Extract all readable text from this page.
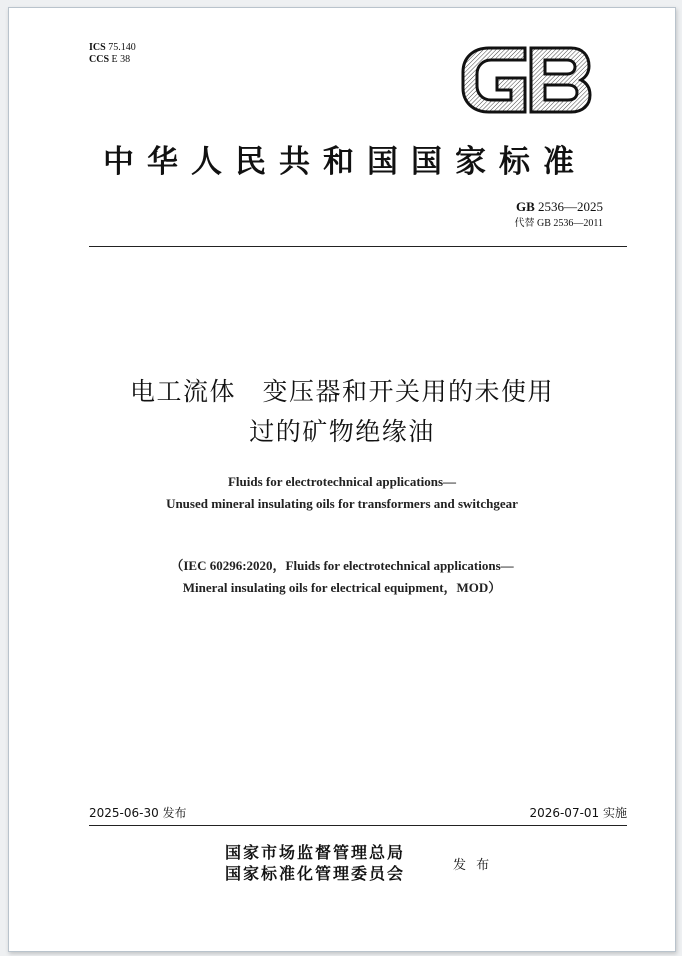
ICS 75.140
CCS E 38
中华人民共和国国家标准
GB 2536—2025
代替 GB 2536—2011
电工流体　变压器和开关用的未使用
过的矿物绝缘油
Fluids for electrotechnical applications—
Unused mineral insulating oils for transformers and switchgear
（IEC 60296:2020，Fluids for electrotechnical applications—
Mineral insulating oils for electrical equipment，MOD）
2025-06-30 发布	2026-07-01 实施
国家市场监督管理总局
国家标准化管理委员会	发 布
